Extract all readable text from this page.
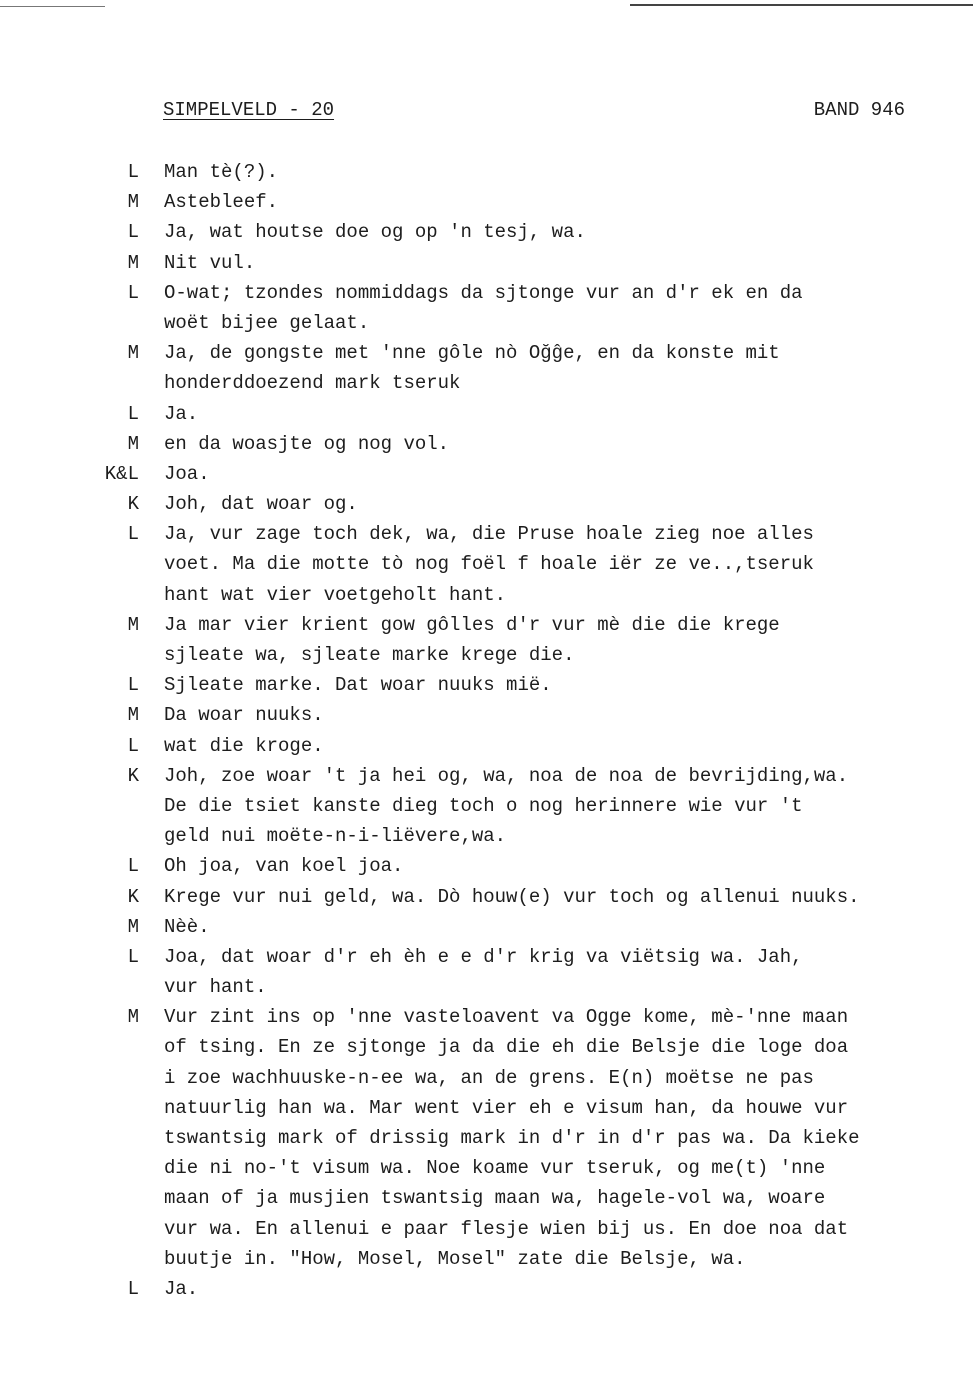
SIMPELVELD - 20	BAND 946
L Man tè(?).
M Astebleef.
L Ja, wat houtse doe og op 'n tesj, wa.
M Nit vul.
L O-wat; tzondes nommiddags da sjtonge vur an d'r ek en da
woët bijee gelaat.
M Ja, de gongste met 'nne gôle nò Oğĝe, en da konste mit
honderddoezend mark tseruk
L Ja.
M en da woasjte og nog vol.
K&L Joa.
K Joh, dat woar og.
L Ja, vur zage toch dek, wa, die Pruse hoale zieg noe alles
voet. Ma die motte tò nog foël f hoale iër ze ve..,tseruk
hant wat vier voetgeholt hant.
M Ja mar vier krient gow gôlles d'r vur mè die die krege
sjleate wa, sjleate marke krege die.
L Sjleate marke. Dat woar nuuks mië.
M Da woar nuuks.
L wat die kroge.
K Joh, zoe woar 't ja hei og, wa, noa de noa de bevrijding,wa.
De die tsiet kanste dieg toch o nog herinnere wie vur 't
geld nui moëte-n-i-liëvere,wa.
L Oh joa, van koel joa.
K Krege vur nui geld, wa. Dò houw(e) vur toch og allenui nuuks.
M Nèè.
L Joa, dat woar d'r eh èh e e d'r krig va viëtsig wa. Jah,
vur hant.
M Vur zint ins op 'nne vasteloavent va Ogge kome, mè-'nne maan
of tsing. En ze sjtonge ja da die eh die Belsje die loge doa
i zoe wachhuuske-n-ee wa, an de grens. E(n) moëtse ne pas
natuurlig han wa. Mar went vier eh e visum han, da houwe vur
tswantsig mark of drissig mark in d'r in d'r pas wa. Da kieke
die ni no-'t visum wa. Noe koame vur tseruk, og me(t) 'nne
maan of ja musjien tswantsig maan wa, hagele-vol wa, woare
vur wa. En allenui e paar flesje wien bij us. En doe noa dat
buutje in. "How, Mosel, Mosel" zate die Belsje, wa.
L Ja.
